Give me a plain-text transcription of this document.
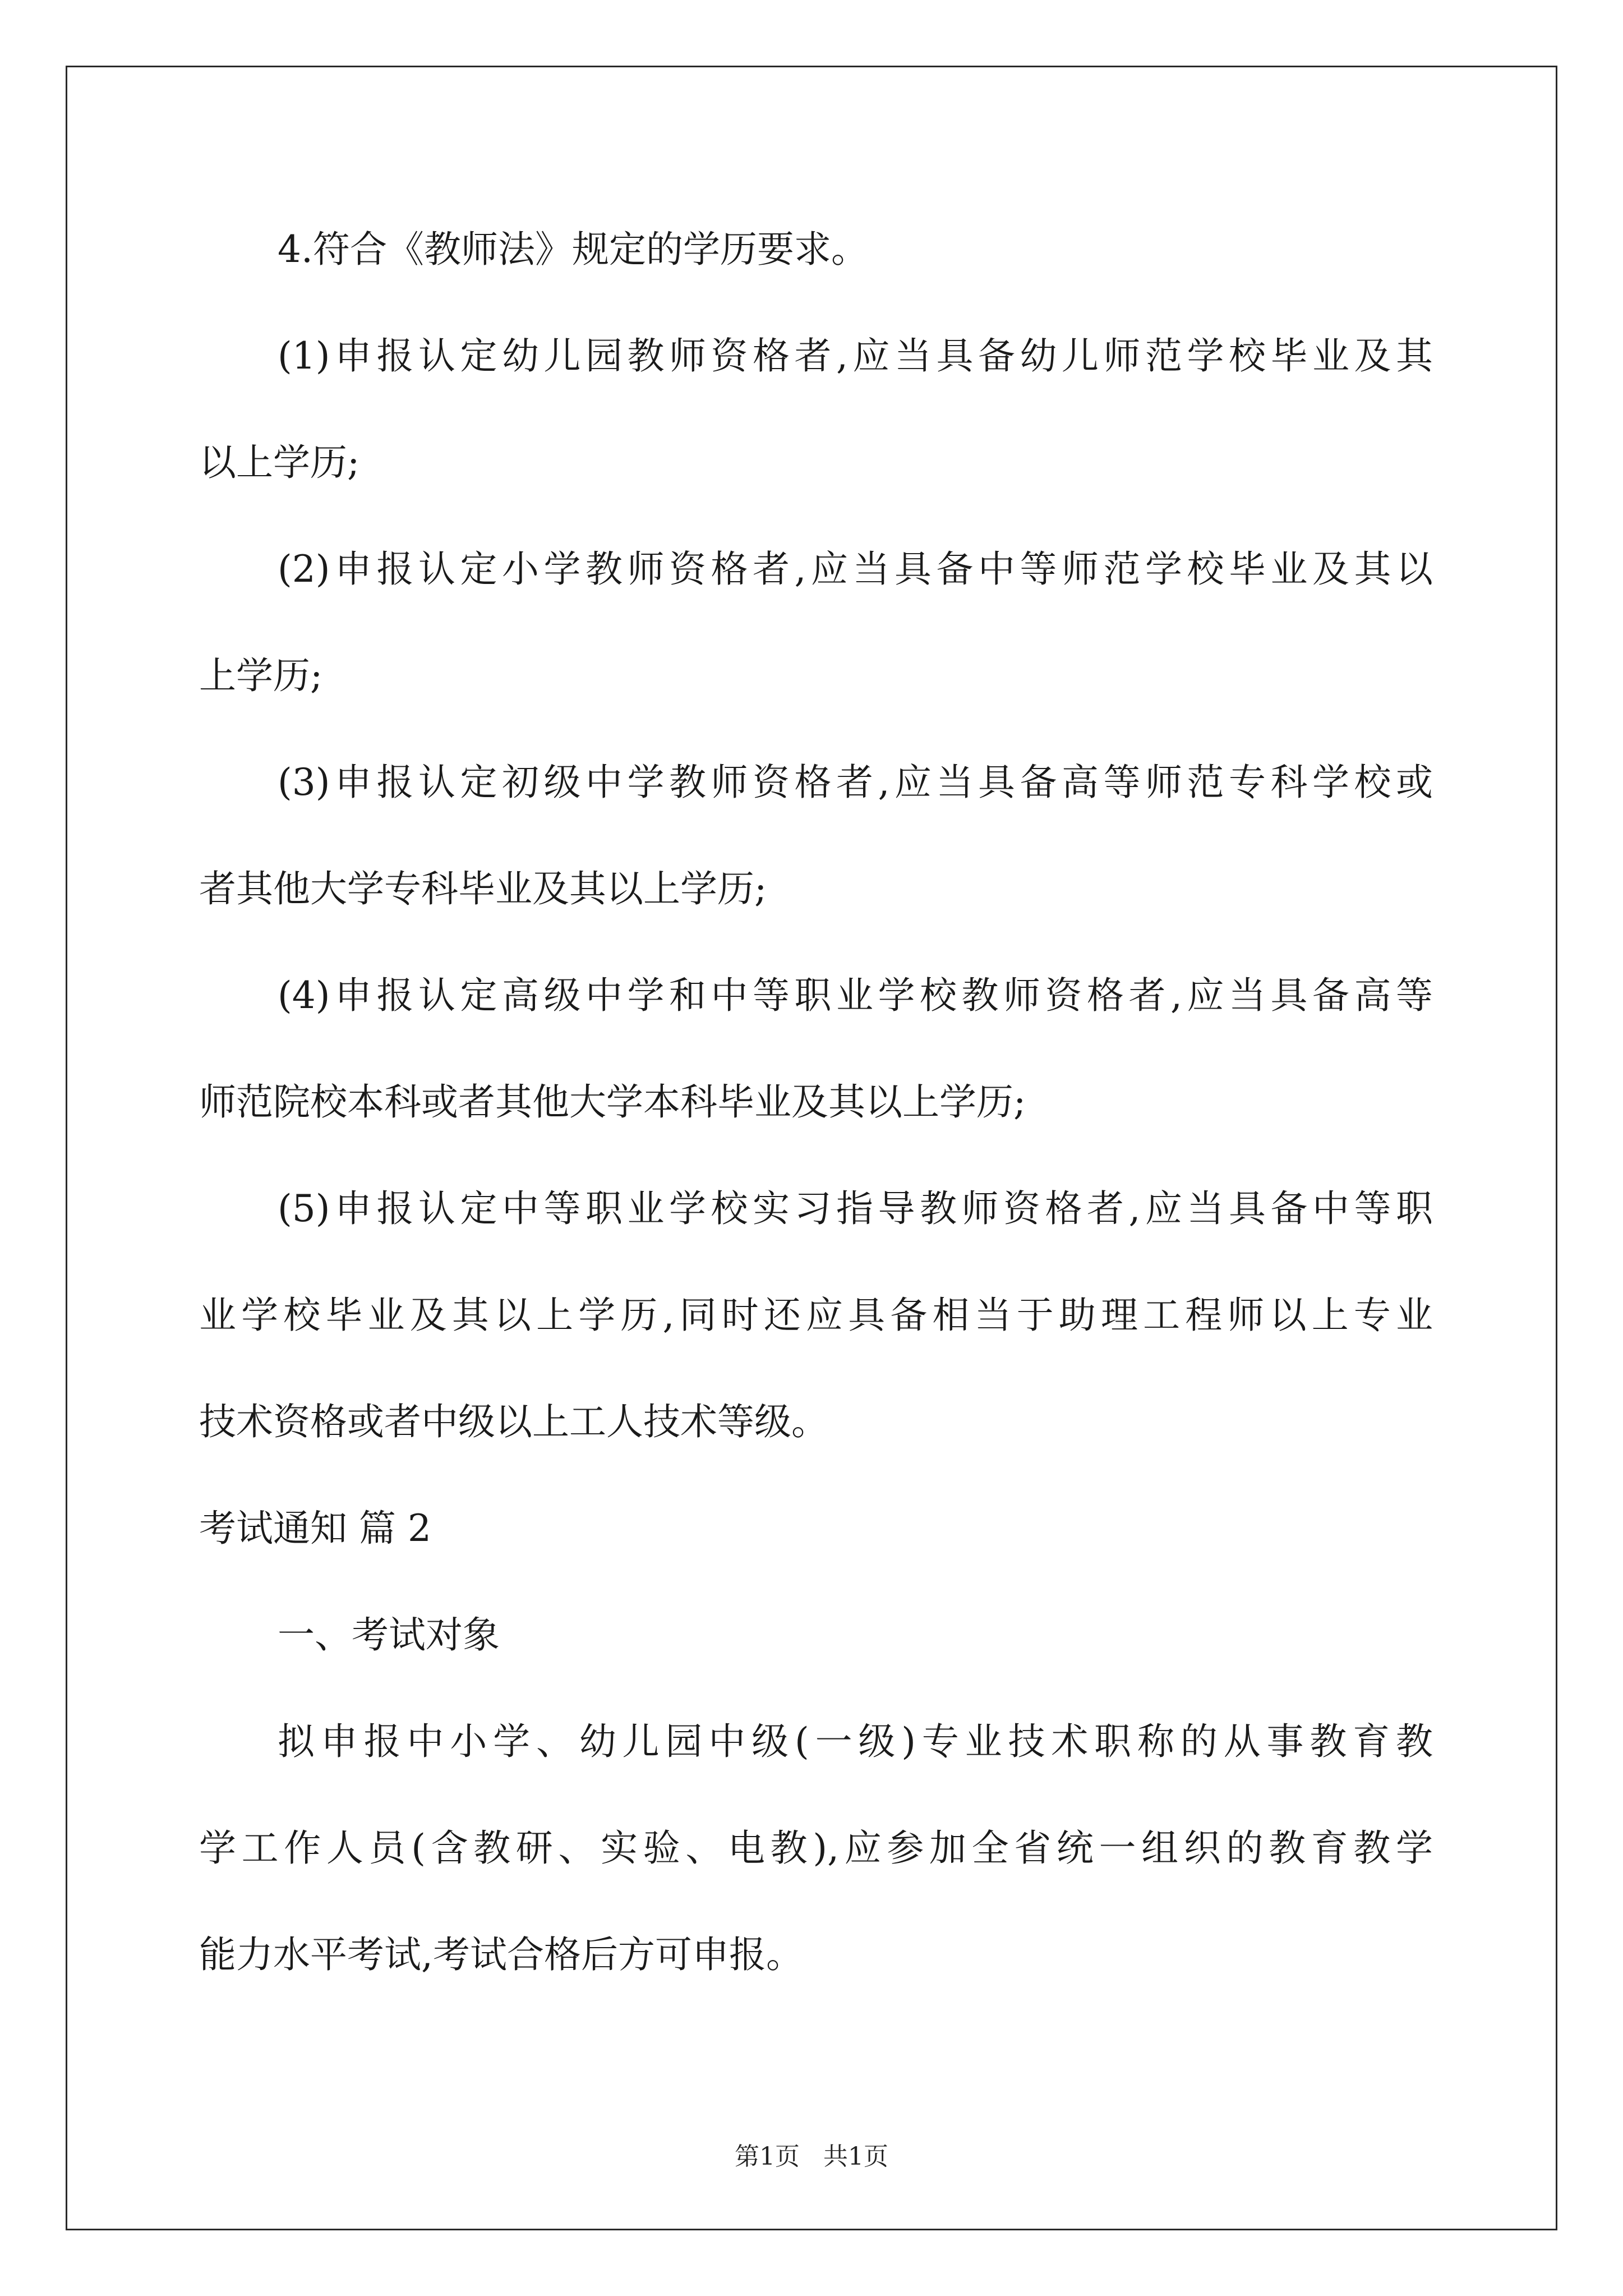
4.符合《教师法》规定的学历要求。
(1)申报认定幼儿园教师资格者,应当具备幼儿师范学校毕业及其
以上学历;
(2)申报认定小学教师资格者,应当具备中等师范学校毕业及其以
上学历;
(3)申报认定初级中学教师资格者,应当具备高等师范专科学校或
者其他大学专科毕业及其以上学历;
(4)申报认定高级中学和中等职业学校教师资格者,应当具备高等
师范院校本科或者其他大学本科毕业及其以上学历;
(5)申报认定中等职业学校实习指导教师资格者,应当具备中等职
业学校毕业及其以上学历,同时还应具备相当于助理工程师以上专业
技术资格或者中级以上工人技术等级。
考试通知 篇 2
一、考试对象
拟申报中小学、幼儿园中级(一级)专业技术职称的从事教育教
学工作人员(含教研、实验、电教),应参加全省统一组织的教育教学
能力水平考试,考试合格后方可申报。
第1页 共1页
